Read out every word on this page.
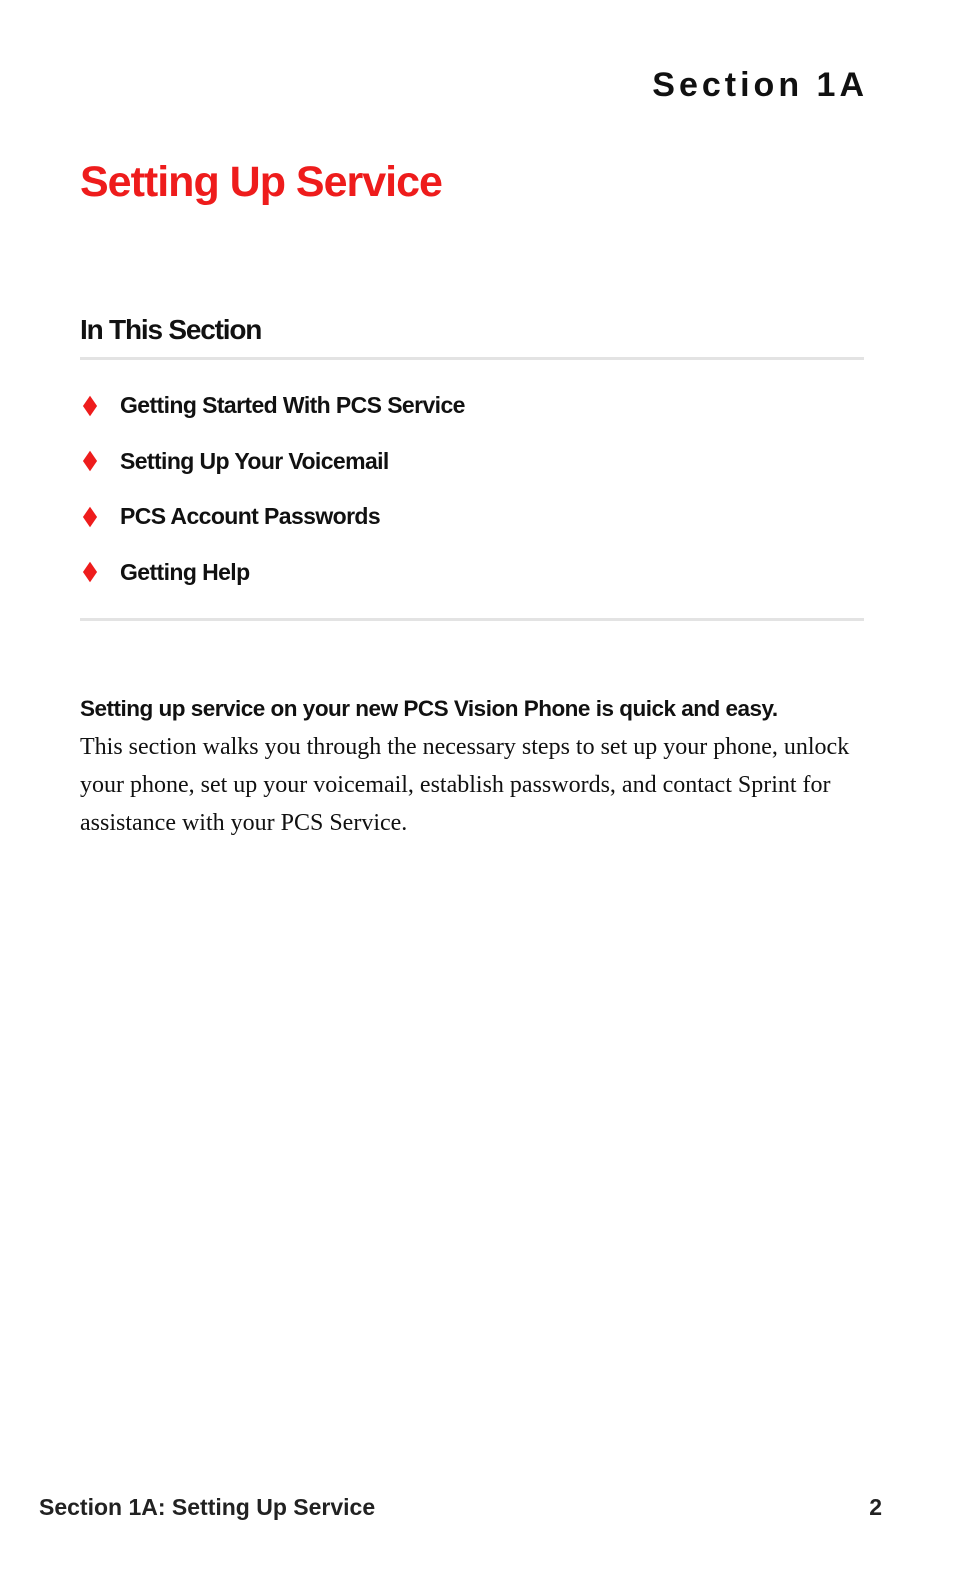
Section 1A
Setting Up Service
In This Section
Getting Started With PCS Service
Setting Up Your Voicemail
PCS Account Passwords
Getting Help
Setting up service on your new PCS Vision Phone is quick and easy.
This section walks you through the necessary steps to set up your phone, unlock your phone, set up your voicemail, establish passwords, and contact Sprint for assistance with your PCS Service.
Section 1A: Setting Up Service	2
